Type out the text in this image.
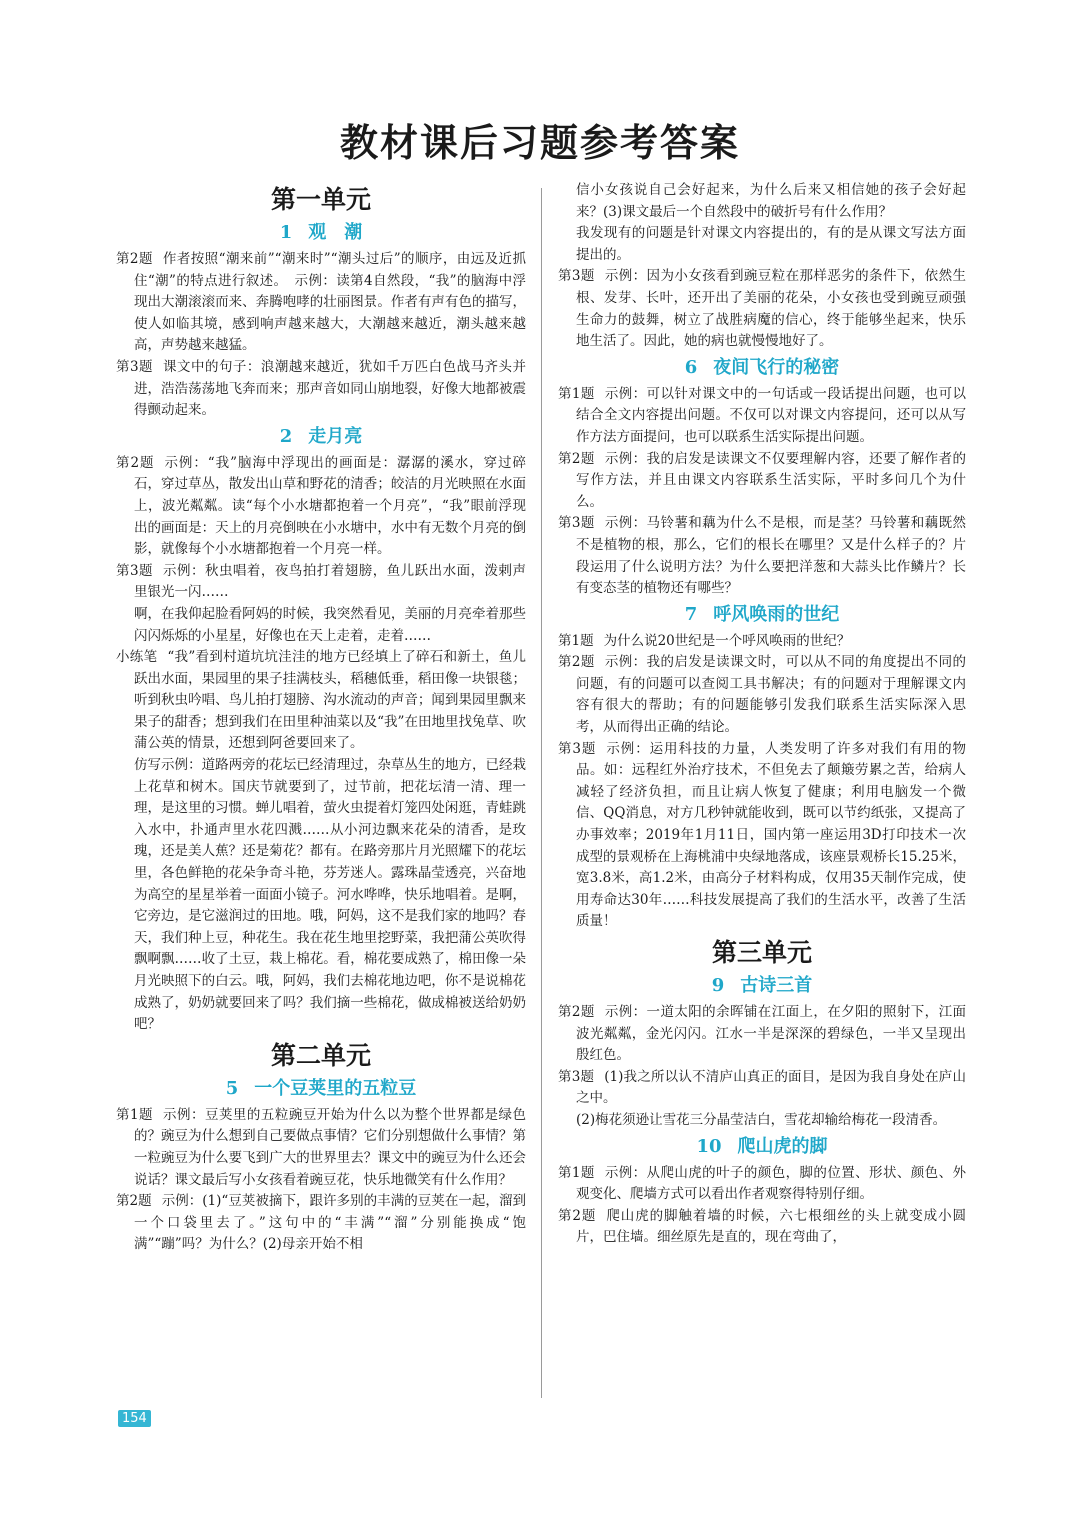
教材课后习题参考答案
第一单元
1 观　潮
第2题 作者按照“潮来前”“潮来时”“潮头过后”的顺序，由远及近抓住“潮”的特点进行叙述。　示例：读第4自然段，“我”的脑海中浮现出大潮滚滚而来、奔腾咆哮的壮丽图景。作者有声有色的描写，使人如临其境，感到响声越来越大，大潮越来越近，潮头越来越高，声势越来越猛。
第3题 课文中的句子：浪潮越来越近，犹如千万匹白色战马齐头并进，浩浩荡荡地飞奔而来；那声音如同山崩地裂，好像大地都被震得颤动起来。
2 走月亮
第2题 示例：“我”脑海中浮现出的画面是：潺潺的溪水，穿过碎石，穿过草丛，散发出山草和野花的清香；皎洁的月光映照在水面上，波光粼粼。读“每个小水塘都抱着一个月亮”，“我”眼前浮现出的画面是：天上的月亮倒映在小水塘中，水中有无数个月亮的倒影，就像每个小水塘都抱着一个月亮一样。
第3题 示例：秋虫唱着，夜鸟拍打着翅膀，鱼儿跃出水面，泼剌声里银光一闪……
啊，在我仰起脸看阿妈的时候，我突然看见，美丽的月亮牵着那些闪闪烁烁的小星星，好像也在天上走着，走着……
小练笔 “我”看到村道坑坑洼洼的地方已经填上了碎石和新土，鱼儿跃出水面，果园里的果子挂满枝头，稻穗低垂，稻田像一块银毯；听到秋虫吟唱、鸟儿拍打翅膀、沟水流动的声音；闻到果园里飘来果子的甜香；想到我们在田里种油菜以及“我”在田地里找兔草、吹蒲公英的情景，还想到阿爸要回来了。
仿写示例：道路两旁的花坛已经清理过，杂草丛生的地方，已经栽上花草和树木。国庆节就要到了，过节前，把花坛清一清、理一理，是这里的习惯。蝉儿唱着，萤火虫提着灯笼四处闲逛，青蛙跳入水中，扑通声里水花四溅……从小河边飘来花朵的清香，是玫瑰，还是美人蕉？还是菊花？都有。在路旁那片月光照耀下的花坛里，各色鲜艳的花朵争奇斗艳，芬芳迷人。露珠晶莹透亮，兴奋地为高空的星星举着一面面小镜子。河水哗哗，快乐地唱着。是啊，它旁边，是它滋润过的田地。哦，阿妈，这不是我们家的地吗？春天，我们种上豆，种花生。我在花生地里挖野菜，我把蒲公英吹得飘啊飘……收了土豆，栽上棉花。看，棉花要成熟了，棉田像一朵月光映照下的白云。哦，阿妈，我们去棉花地边吧，你不是说棉花成熟了，奶奶就要回来了吗？我们摘一些棉花，做成棉被送给奶奶吧？
第二单元
5 一个豆荚里的五粒豆
第1题 示例：豆荚里的五粒豌豆开始为什么以为整个世界都是绿色的？豌豆为什么想到自己要做点事情？它们分别想做什么事情？第一粒豌豆为什么要飞到广大的世界里去？课文中的豌豆为什么还会说话？课文最后写小女孩看着豌豆花，快乐地微笑有什么作用？
第2题 示例：(1)“豆荚被摘下，跟许多别的丰满的豆荚在一起，溜到一个口袋里去了。”这句中的“丰满”“溜”分别能换成“饱满”“蹦”吗？为什么？(2)母亲开始不相
信小女孩说自己会好起来，为什么后来又相信她的孩子会好起来？(3)课文最后一个自然段中的破折号有什么作用？
我发现有的问题是针对课文内容提出的，有的是从课文写法方面提出的。
第3题 示例：因为小女孩看到豌豆粒在那样恶劣的条件下，依然生根、发芽、长叶，还开出了美丽的花朵，小女孩也受到豌豆顽强生命力的鼓舞，树立了战胜病魔的信心，终于能够坐起来，快乐地生活了。因此，她的病也就慢慢地好了。
6 夜间飞行的秘密
第1题 示例：可以针对课文中的一句话或一段话提出问题，也可以结合全文内容提出问题。不仅可以对课文内容提问，还可以从写作方法方面提问，也可以联系生活实际提出问题。
第2题 示例：我的启发是读课文不仅要理解内容，还要了解作者的写作方法，并且由课文内容联系生活实际，平时多问几个为什么。
第3题 示例：马铃薯和藕为什么不是根，而是茎？马铃薯和藕既然不是植物的根，那么，它们的根长在哪里？又是什么样子的？片段运用了什么说明方法？为什么要把洋葱和大蒜头比作鳞片？长有变态茎的植物还有哪些？
7 呼风唤雨的世纪
第1题 为什么说20世纪是一个呼风唤雨的世纪？
第2题 示例：我的启发是读课文时，可以从不同的角度提出不同的问题，有的问题可以查阅工具书解决；有的问题对于理解课文内容有很大的帮助；有的问题能够引发我们联系生活实际深入思考，从而得出正确的结论。
第3题 示例：运用科技的力量，人类发明了许多对我们有用的物品。如：远程红外治疗技术，不但免去了颠簸劳累之苦，给病人减轻了经济负担，而且让病人恢复了健康；利用电脑发一个微信、QQ消息，对方几秒钟就能收到，既可以节约纸张，又提高了办事效率；2019年1月11日，国内第一座运用3D打印技术一次成型的景观桥在上海桃浦中央绿地落成，该座景观桥长15.25米，宽3.8米，高1.2米，由高分子材料构成，仅用35天制作完成，使用寿命达30年……科技发展提高了我们的生活水平，改善了生活质量！
第三单元
9 古诗三首
第2题 示例：一道太阳的余晖铺在江面上，在夕阳的照射下，江面波光粼粼，金光闪闪。江水一半是深深的碧绿色，一半又呈现出殷红色。
第3题 (1)我之所以认不清庐山真正的面目，是因为我自身处在庐山之中。
(2)梅花须逊让雪花三分晶莹洁白，雪花却输给梅花一段清香。
10 爬山虎的脚
第1题 示例：从爬山虎的叶子的颜色，脚的位置、形状、颜色、外观变化、爬墙方式可以看出作者观察得特别仔细。
第2题 爬山虎的脚触着墙的时候，六七根细丝的头上就变成小圆片，巴住墙。细丝原先是直的，现在弯曲了，
154
